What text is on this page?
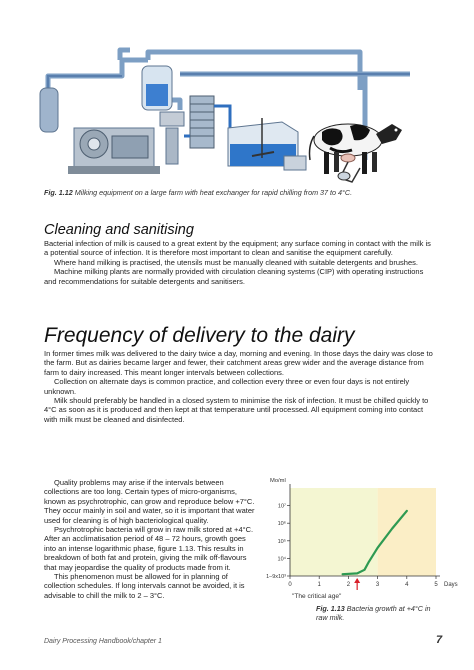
Fig. 1.12 Milking equipment on a large farm with heat exchanger for rapid chilling from 37 to 4°C.
Cleaning and sanitising

Bacterial infection of milk is caused to a great extent by the equipment; any surface coming in contact with the milk is a potential source of infection. It is therefore most important to clean and sanitise the equipment carefully.

Where hand milking is practised, the utensils must be manually cleaned with suitable detergents and brushes.

Machine milking plants are normally provided with circulation cleaning systems (CIP) with operating instructions and recommendations for suitable detergents and sanitisers.

Frequency of delivery to the dairy

In former times milk was delivered to the dairy twice a day, morning and evening. In those days the dairy was close to the farm. But as dairies became larger and fewer, their catchment areas grew wider and the average distance from farm to dairy increased. This meant longer intervals between collections.

Collection on alternate days is common practice, and collection every three or even four days is not entirely unknown.

Milk should preferably be handled in a closed system to minimise the risk of infection. It must be chilled quickly to 4°C as soon as it is produced and then kept at that temperature until processed. All equipment coming into contact with milk must be cleaned and disinfected.

Quality problems may arise if the intervals between collections are too long. Certain types of micro-organisms, known as psychrotrophic, can grow and reproduce below +7°C. They occur mainly in soil and water, so it is important that water used for cleaning is of high bacteriological quality.

Psychrotrophic bacteria will grow in raw milk stored at +4°C. After an acclimatisation period of 48 – 72 hours, growth goes into an intense logarithmic phase, figure 1.13. This results in breakdown of both fat and protein, giving the milk off-flavours that may jeopardise the quality of products made from it.

This phenomenon must be allowed for in planning of collection schedules. If long intervals cannot be avoided, it is advisable to chill the milk to 2 – 3°C.

1–9x10³
10⁴
10⁵
10⁶
10⁷
0	1	2	3	4	5 Days
Mo/ml
"The critical age"
Fig. 1.13 Bacteria growth at +4°C in raw milk.
Dairy Processing Handbook/chapter 1	7
